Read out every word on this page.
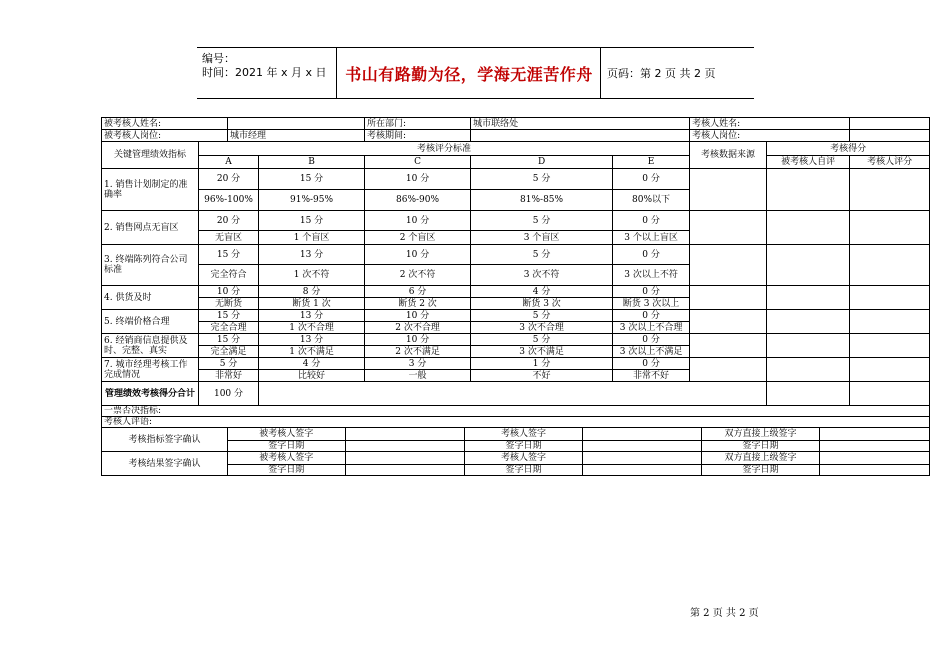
编号：
时间：2021 年 x 月 x 日	书山有路勤为径，学海无涯苦作舟	页码：第 2 页 共 2 页
被考核人姓名:		所在部门:	城市联络处	考核人姓名:	
被考核人岗位:	城市经理	考核期间:		考核人岗位:	
关键管理绩效指标	考核评分标准	考核数据来源	考核得分
A	B	C	D	E	被考核人自评	考核人评分
1. 销售计划制定的准确率	20 分	15 分	10 分	5 分	0 分			
96%-100%	91%-95%	86%-90%	81%-85%	80%以下
2. 销售网点无盲区	20 分	15 分	10 分	5 分	0 分			
无盲区	1 个盲区	2 个盲区	3 个盲区	3 个以上盲区
3. 终端陈列符合公司标准	15 分	13 分	10 分	5 分	0 分			
完全符合	1 次不符	2 次不符	3 次不符	3 次以上不符
4. 供货及时	10 分	8 分	6 分	4 分	0 分			
无断货	断货 1 次	断货 2 次	断货 3 次	断货 3 次以上
5. 终端价格合理	15 分	13 分	10 分	5 分	0 分			
完全合理	1 次不合理	2 次不合理	3 次不合理	3 次以上不合理
6. 经销商信息提供及时、完整、真实	15 分	13 分	10 分	5 分	0 分			
完全满足	1 次不满足	2 次不满足	3 次不满足	3 次以上不满足
7. 城市经理考核工作完成情况	5 分	4 分	3 分	1 分	0 分			
非常好	比较好	一般	不好	非常不好
管理绩效考核得分合计	100 分			
一票否决指标:
考核人评语:
考核指标签字确认	
被考核人签字		考核人签字		双方直接上级签字	
签字日期		签字日期		签字日期	

考核结果签字确认	
被考核人签字		考核人签字		双方直接上级签字	
签字日期		签字日期		签字日期	
第 2 页 共 2 页
